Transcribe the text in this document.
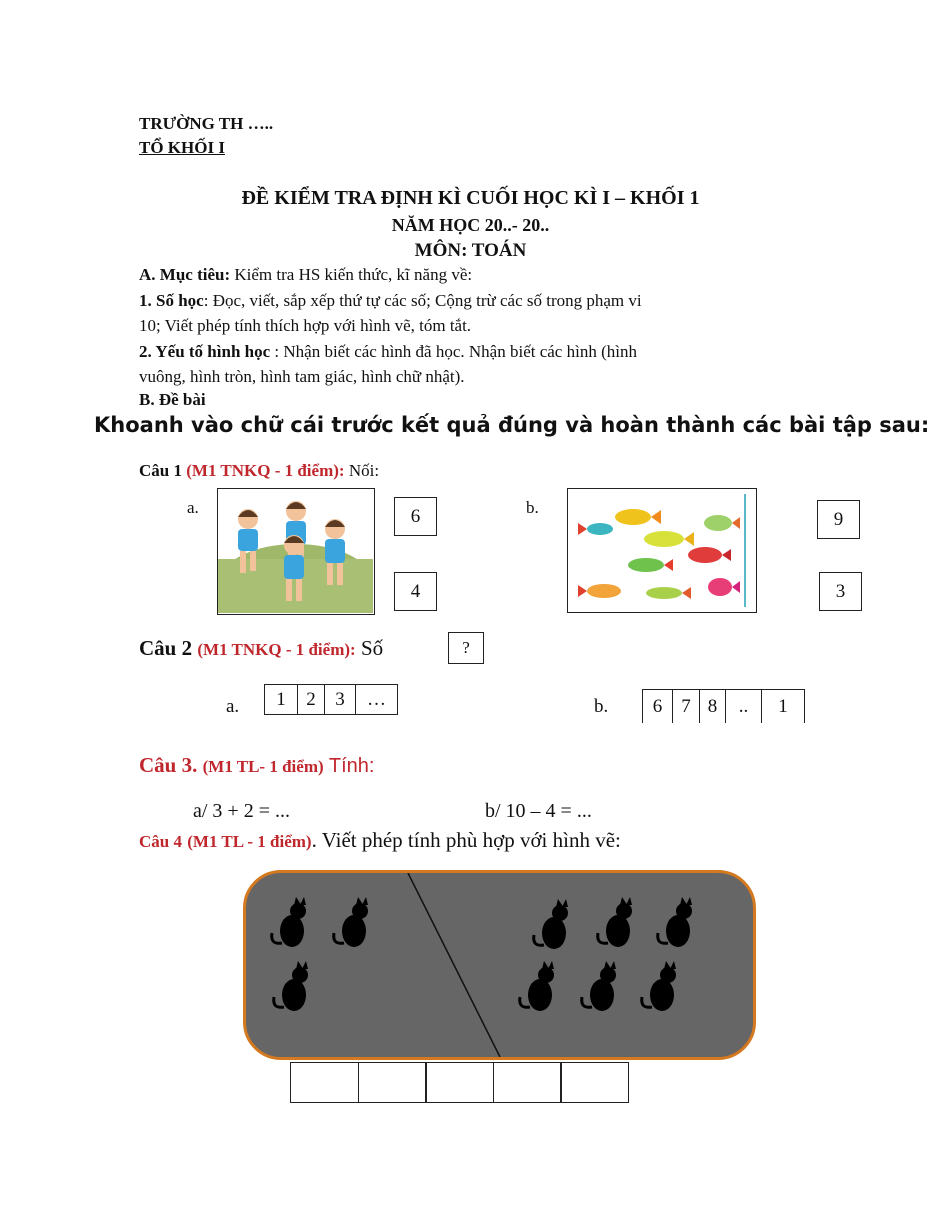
TRƯỜNG TH …..
TỔ KHỐI I
ĐỀ KIỂM TRA ĐỊNH KÌ CUỐI HỌC KÌ I – KHỐI 1
NĂM HỌC 20..- 20..
MÔN: TOÁN
A. Mục tiêu: Kiểm tra HS kiến thức, kĩ năng về:
1. Số học: Đọc, viết, sắp xếp thứ tự các số; Cộng trừ các số trong phạm vi
10; Viết phép tính thích hợp với hình vẽ, tóm tắt.
2. Yếu tố hình học : Nhận biết các hình đã học. Nhận biết các hình (hình
vuông, hình tròn, hình tam giác, hình chữ nhật).
B. Đề bài
Khoanh vào chữ cái trước kết quả đúng và hoàn thành các bài tập sau:
Câu 1 (M1 TNKQ - 1 điểm): Nối:
a.	6
4
b.
9
3
Câu 2 (M1 TNKQ - 1 điểm): Số	?
a.	1	2	3	…	b.	6	7 8	..	1
Câu 3. (M1 TL- 1 điểm) Tính:
a/ 3 + 2 = ...	b/ 10 – 4 = ...
Câu 4 (M1 TL - 1 điểm). Viết phép tính phù hợp với hình vẽ:
